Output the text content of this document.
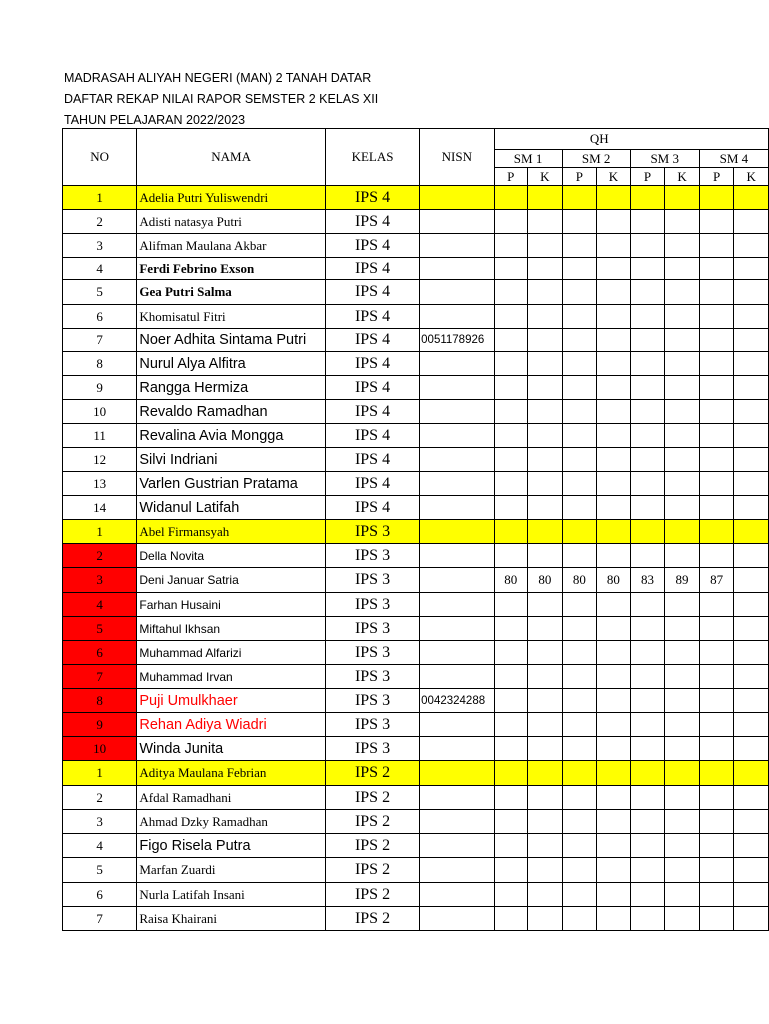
MADRASAH ALIYAH NEGERI (MAN) 2 TANAH DATAR
DAFTAR REKAP NILAI RAPOR SEMSTER 2 KELAS XII
TAHUN PELAJARAN 2022/2023
NO	NAMA	KELAS	NISN	QH							
				SM 1		SM 2		SM 3		SM 4	
				P	K	P	K	P	K	P	K
1	Adelia Putri Yuliswendri	IPS 4									
2	Adisti natasya Putri	IPS 4									
3	Alifman Maulana Akbar	IPS 4									
4	Ferdi Febrino Exson	IPS 4									
5	Gea Putri Salma	IPS 4									
6	Khomisatul Fitri	IPS 4									
7	Noer Adhita Sintama Putri	IPS 4	0051178926								
8	Nurul Alya Alfitra	IPS 4									
9	Rangga Hermiza	IPS 4									
10	Revaldo Ramadhan	IPS 4									
11	Revalina Avia Mongga	IPS 4									
12	Silvi Indriani	IPS 4									
13	Varlen Gustrian Pratama	IPS 4									
14	Widanul Latifah	IPS 4									
1	Abel Firmansyah	IPS 3									
2	Della Novita	IPS 3									
3	Deni Januar Satria	IPS 3		80	80	80	80	83	89	87	
4	Farhan Husaini	IPS 3									
5	Miftahul Ikhsan	IPS 3									
6	Muhammad Alfarizi	IPS 3									
7	Muhammad Irvan	IPS 3									
8	Puji Umulkhaer	IPS 3	0042324288								
9	Rehan Adiya Wiadri	IPS 3									
10	Winda Junita	IPS 3									
1	Aditya Maulana Febrian	IPS 2									
2	Afdal Ramadhani	IPS 2									
3	Ahmad Dzky Ramadhan	IPS 2									
4	Figo Risela Putra	IPS 2									
5	Marfan Zuardi	IPS 2									
6	Nurla Latifah Insani	IPS 2									
7	Raisa Khairani	IPS 2									
